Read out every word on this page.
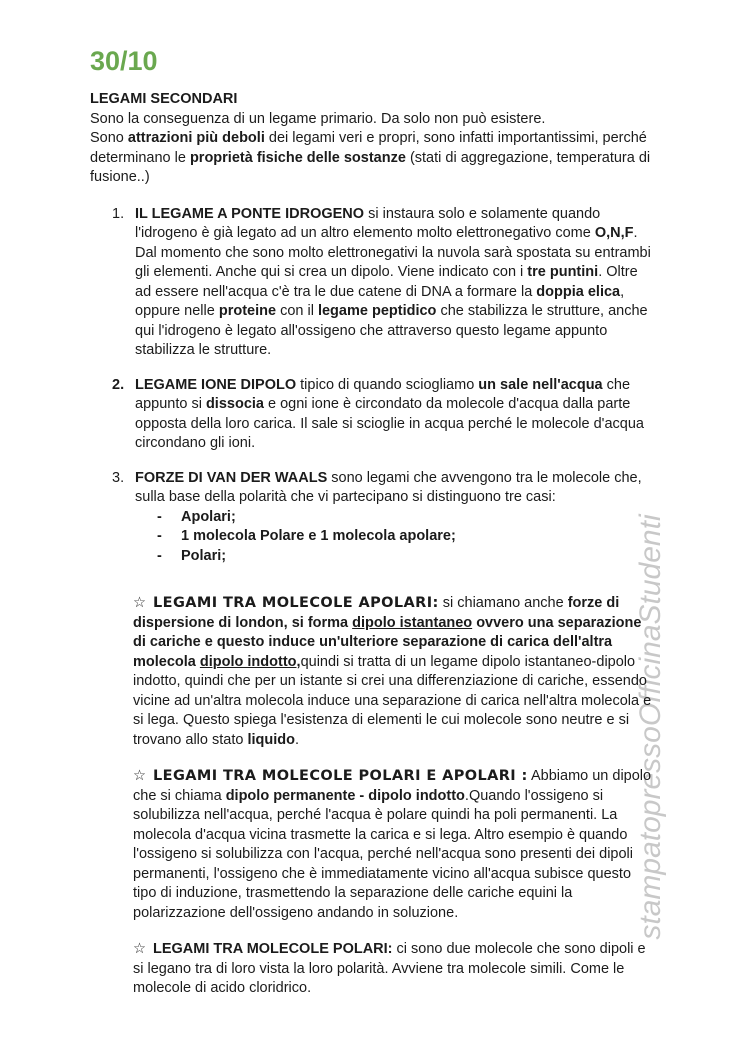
stampatopressoOfficinaStudenti
30/10

LEGAMI SECONDARI

Sono la conseguenza di un legame primario. Da solo non può esistere.

Sono attrazioni più deboli dei legami veri e propri, sono infatti importantissimi, perché determinano le proprietà fisiche delle sostanze (stati di aggregazione, temperatura di fusione..)

1. IL LEGAME A PONTE IDROGENO si instaura solo e solamente quando l'idrogeno è già legato ad un altro elemento molto elettronegativo come O,N,F. Dal momento che sono molto elettronegativi la nuvola sarà spostata su entrambi gli elementi. Anche qui si crea un dipolo. Viene indicato con i tre puntini. Oltre ad essere nell'acqua c'è tra le due catene di DNA a formare la doppia elica, oppure nelle proteine con il legame peptidico che stabilizza le strutture, anche qui l'idrogeno è legato all'ossigeno che attraverso questo legame appunto stabilizza le strutture.
2. LEGAME IONE DIPOLO tipico di quando sciogliamo un sale nell'acqua che appunto si dissocia e ogni ione è circondato da molecole d'acqua dalla parte opposta della loro carica. Il sale si scioglie in acqua perché le molecole d'acqua circondano gli ioni.
3. FORZE DI VAN DER WAALS sono legami che avvengono tra le molecole che, sulla base della polarità che vi partecipano si distinguono tre casi:
-	Apolari;
-	1 molecola Polare e 1 molecola apolare;
-	Polari;

☆ LEGAMI TRA MOLECOLE APOLARI: si chiamano anche forze di dispersione di london, si forma dipolo istantaneo ovvero una separazione di cariche e questo induce un'ulteriore separazione di carica dell'altra molecola dipolo indotto,quindi si tratta di un legame dipolo istantaneo-dipolo indotto, quindi che per un istante si crei una differenziazione di cariche, essendo vicine ad un'altra molecola induce una separazione di carica nell'altra molecola e si lega. Questo spiega l'esistenza di elementi le cui molecole sono neutre e si trovano allo stato liquido.

☆ LEGAMI TRA MOLECOLE POLARI E APOLARI : Abbiamo un dipolo che si chiama dipolo permanente - dipolo indotto.Quando l'ossigeno si solubilizza nell'acqua, perché l'acqua è polare quindi ha poli permanenti. La molecola d'acqua vicina trasmette la carica e si lega. Altro esempio è quando l'ossigeno si solubilizza con l'acqua, perché nell'acqua sono presenti dei dipoli permanenti, l'ossigeno che è immediatamente vicino all'acqua subisce questo tipo di induzione, trasmettendo la separazione delle cariche equini la polarizzazione dell'ossigeno andando in soluzione.

☆ LEGAMI TRA MOLECOLE POLARI: ci sono due molecole che sono dipoli e si legano tra di loro vista la loro polarità. Avviene tra molecole simili. Come le molecole di acido cloridrico.
